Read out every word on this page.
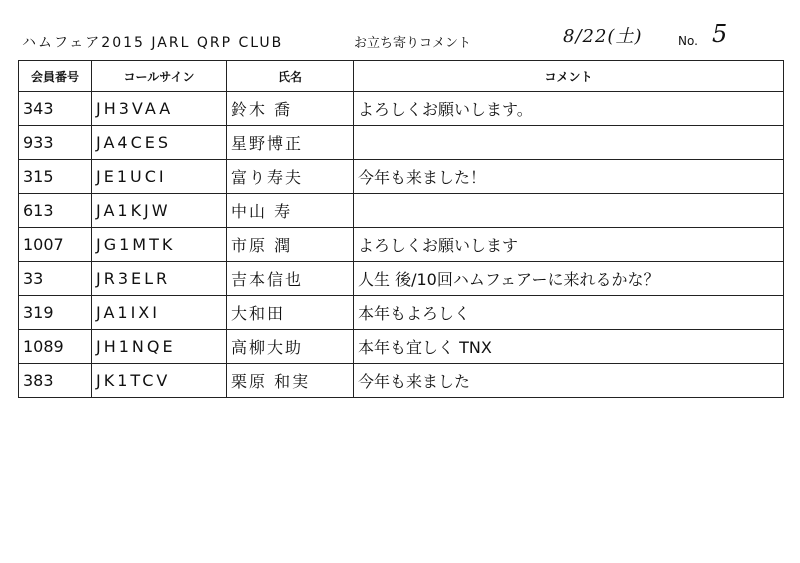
ハムフェア2015 JARL QRP CLUB	お立ち寄りコメント	8/22(土)	No. 5
会員番号	コールサイン	氏名	コメント
343	JH3VAA	鈴木 喬	よろしくお願いします。
933	JA4CES	星野博正	
315	JE1UCI	富り寿夫	今年も来ました！
613	JA1KJW	中山 寿	
1007	JG1MTK	市原 潤	よろしくお願いします
33	JR3ELR	吉本信也	人生 後/10回ハムフェアーに来れるかな？
319	JA1IXI	大和田	本年もよろしく
1089	JH1NQE	高柳大助	本年も宜しく TNX
383	JK1TCV	栗原 和実	今年も来ました
